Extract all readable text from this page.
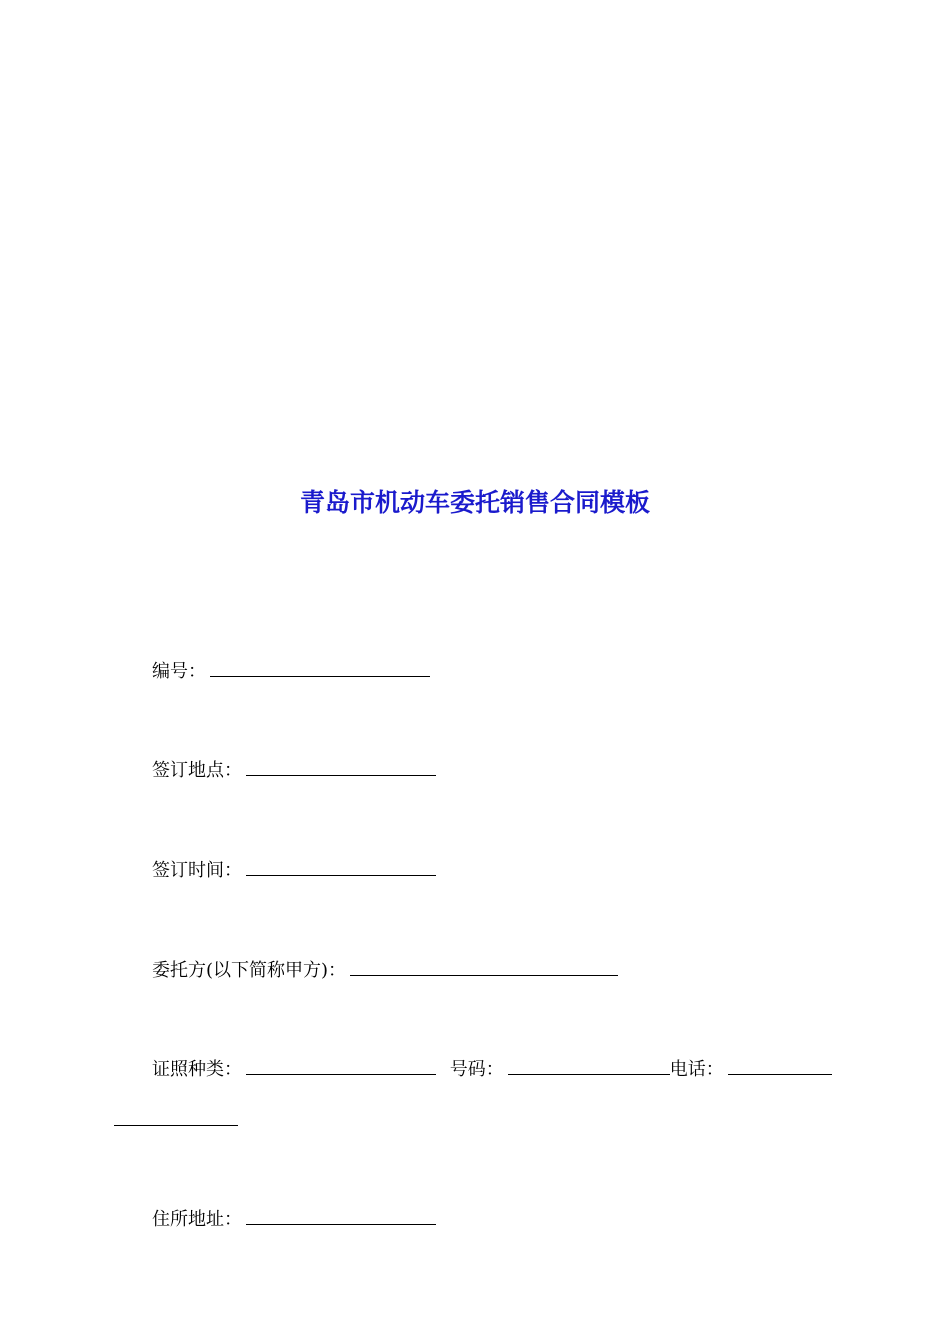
青岛市机动车委托销售合同模板
编号：
签订地点：
签订时间：
委托方(以下简称甲方)：
证照种类：	号码：	电话：
住所地址：
